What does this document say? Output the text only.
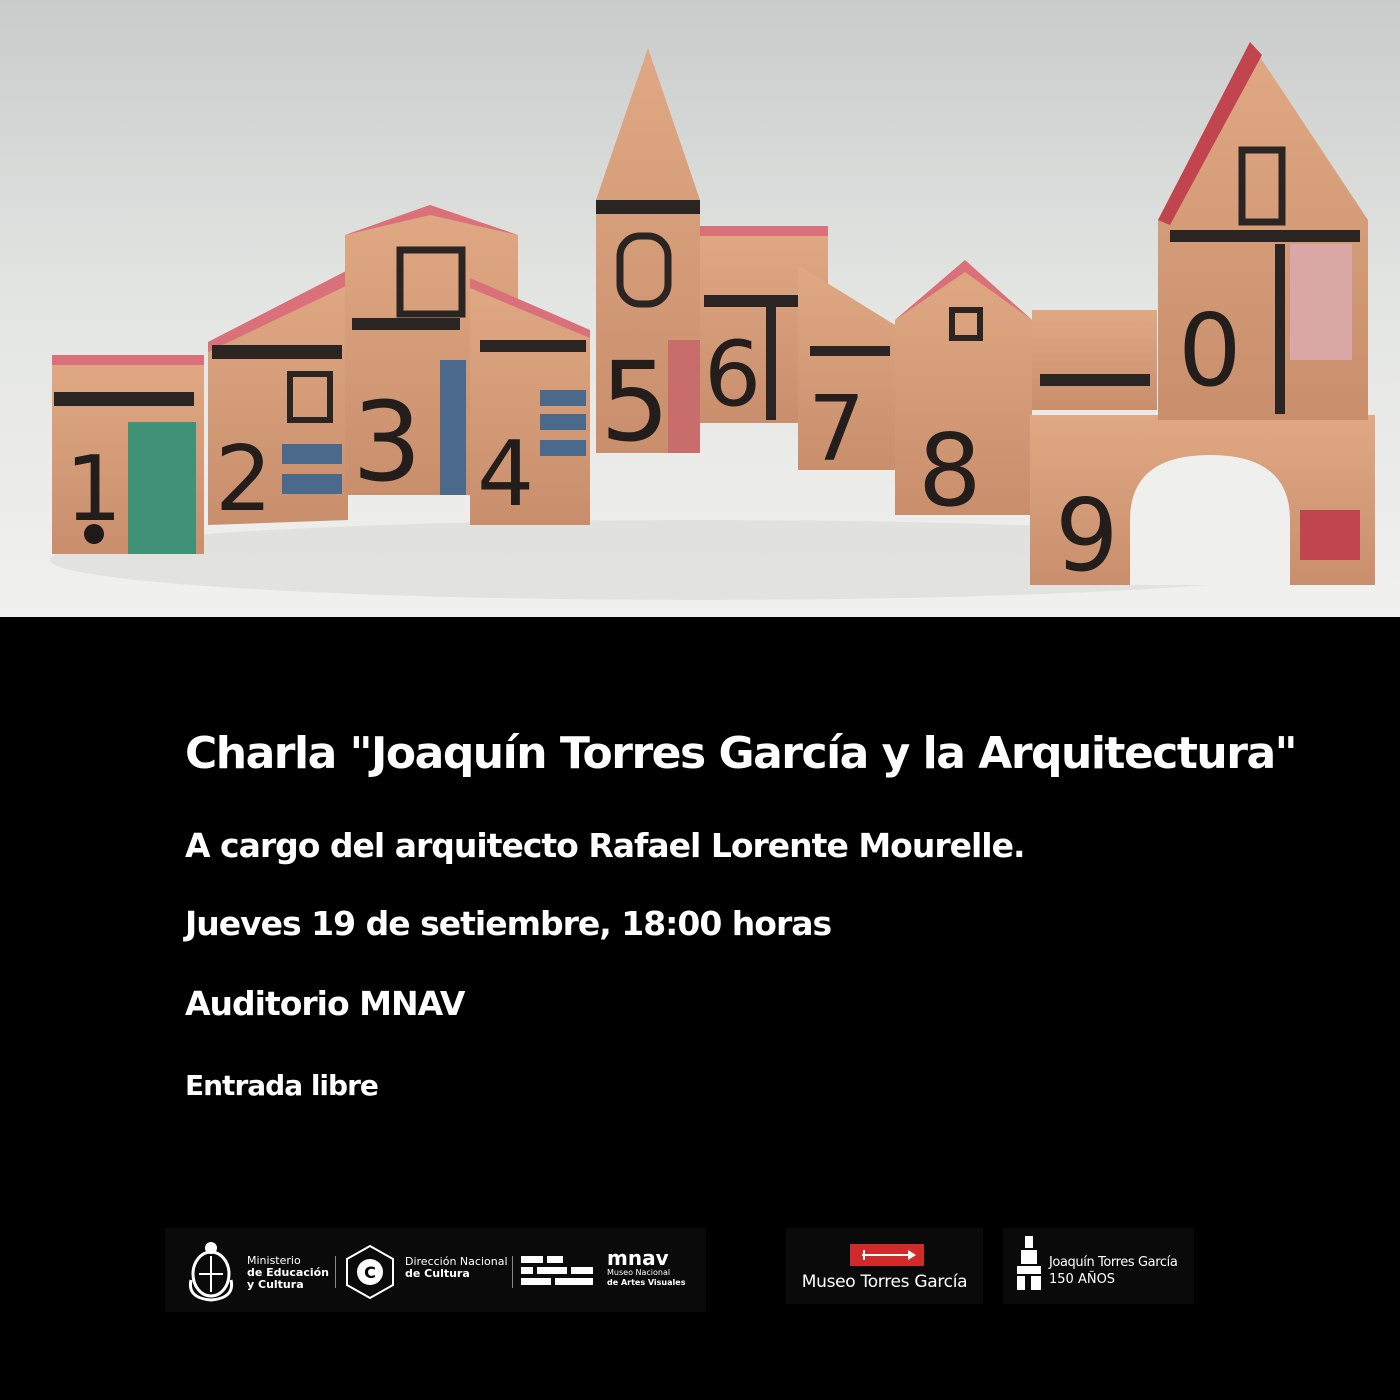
1 2 3 4
5 6
7 8
9
0

Charla "Joaquín Torres García y la Arquitectura"

A cargo del arquitecto Rafael Lorente Mourelle.

Jueves 19 de setiembre, 18:00 horas

Auditorio MNAV

Entrada libre

Ministerio
de Educación
y Cultura
C
Dirección Nacional
de Cultura
mnav
Museo Nacional
de Artes Visuales	Museo Torres García
Joaquín Torres García
150 AÑOS
